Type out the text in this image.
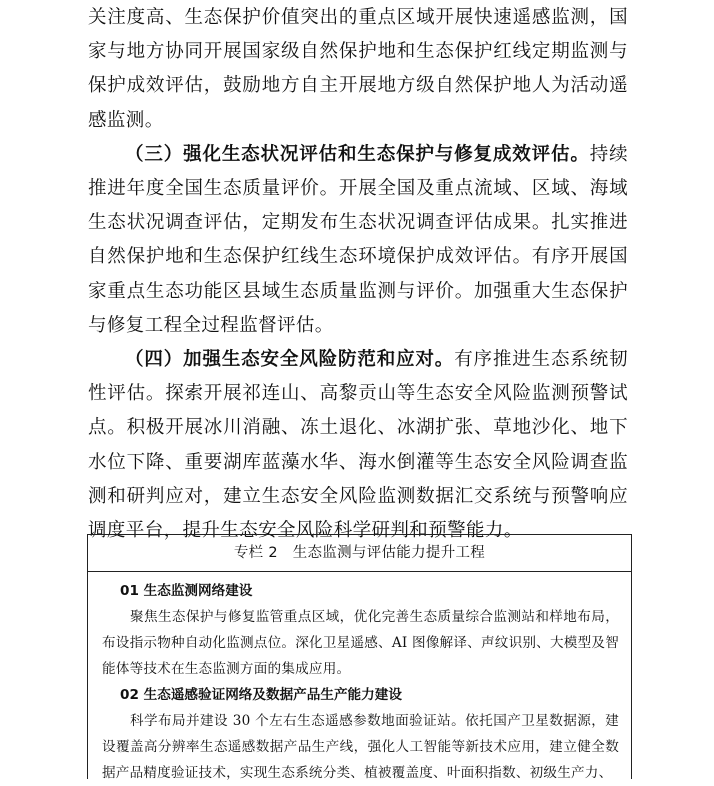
关注度高、生态保护价值突出的重点区域开展快速遥感监测，国家与地方协同开展国家级自然保护地和生态保护红线定期监测与保护成效评估，鼓励地方自主开展地方级自然保护地人为活动遥感监测。

（三）强化生态状况评估和生态保护与修复成效评估。持续推进年度全国生态质量评价。开展全国及重点流域、区域、海域生态状况调查评估，定期发布生态状况调查评估成果。扎实推进自然保护地和生态保护红线生态环境保护成效评估。有序开展国家重点生态功能区县域生态质量监测与评价。加强重大生态保护与修复工程全过程监督评估。

（四）加强生态安全风险防范和应对。有序推进生态系统韧性评估。探索开展祁连山、高黎贡山等生态安全风险监测预警试点。积极开展冰川消融、冻土退化、冰湖扩张、草地沙化、地下水位下降、重要湖库蓝藻水华、海水倒灌等生态安全风险调查监测和研判应对，建立生态安全风险监测数据汇交系统与预警响应调度平台，提升生态安全风险科学研判和预警能力。

专栏 2　生态监测与评估能力提升工程

01 生态监测网络建设

聚焦生态保护与修复监管重点区域，优化完善生态质量综合监测站和样地布局，布设指示物种自动化监测点位。深化卫星遥感、AI 图像解译、声纹识别、大模型及智能体等技术在生态监测方面的集成应用。

02 生态遥感验证网络及数据产品生产能力建设

科学布局并建设 30 个左右生态遥感参数地面验证站。依托国产卫星数据源，建设覆盖高分辨率生态遥感数据产品生产线，强化人工智能等新技术应用，建立健全数据产品精度验证技术，实现生态系统分类、植被覆盖度、叶面积指数、初级生产力、
